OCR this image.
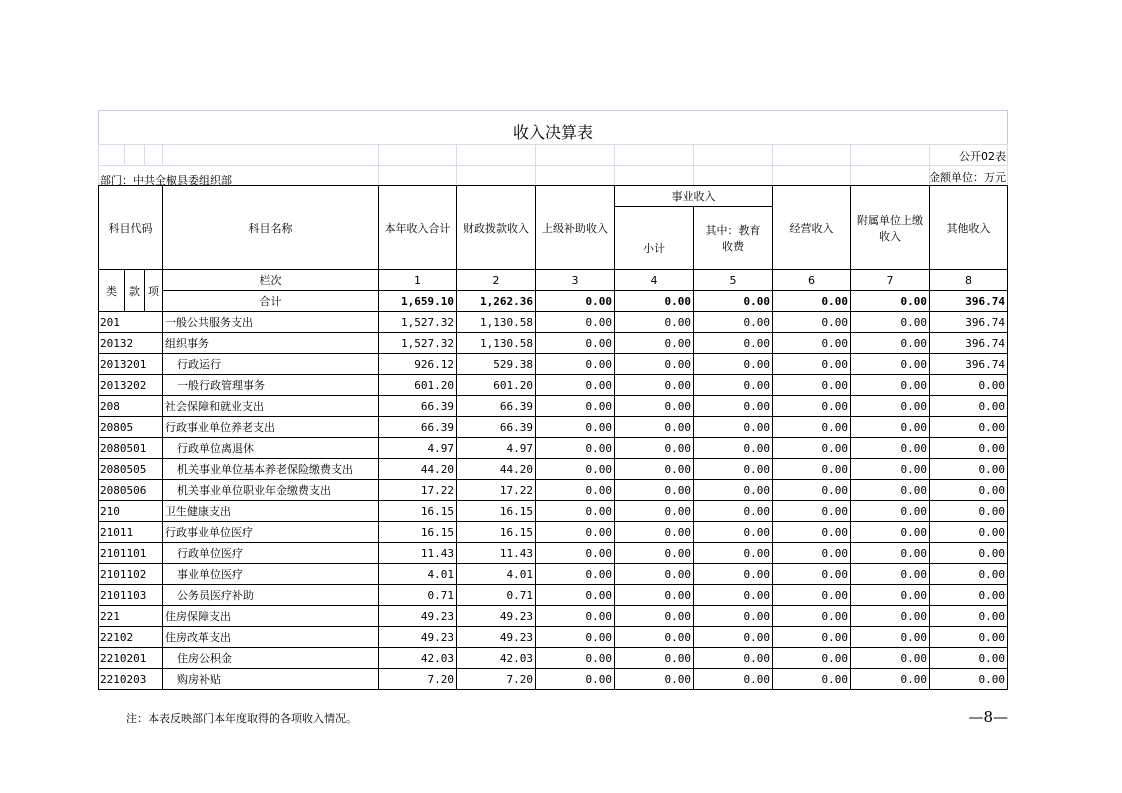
收入决算表
公开02表
部门：中共全椒县委组织部	金额单位：万元
科目代码			科目名称	本年收入合计	财政拨款收入	上级补助收入	事业收入		经营收入	附属单位上缴收入	其他收入
							小计	其中：教育收费			

类	款	项	栏次	1	2	3	4	5	6	7	8
			合计	1,659.10	1,262.36	0.00	0.00	0.00	0.00	0.00	396.74
201			一般公共服务支出	1,527.32	1,130.58	0.00	0.00	0.00	0.00	0.00	396.74
20132			组织事务	1,527.32	1,130.58	0.00	0.00	0.00	0.00	0.00	396.74
2013201			行政运行	926.12	529.38	0.00	0.00	0.00	0.00	0.00	396.74
2013202			一般行政管理事务	601.20	601.20	0.00	0.00	0.00	0.00	0.00	0.00
208			社会保障和就业支出	66.39	66.39	0.00	0.00	0.00	0.00	0.00	0.00
20805			行政事业单位养老支出	66.39	66.39	0.00	0.00	0.00	0.00	0.00	0.00
2080501			行政单位离退休	4.97	4.97	0.00	0.00	0.00	0.00	0.00	0.00
2080505			机关事业单位基本养老保险缴费支出	44.20	44.20	0.00	0.00	0.00	0.00	0.00	0.00
2080506			机关事业单位职业年金缴费支出	17.22	17.22	0.00	0.00	0.00	0.00	0.00	0.00
210			卫生健康支出	16.15	16.15	0.00	0.00	0.00	0.00	0.00	0.00
21011			行政事业单位医疗	16.15	16.15	0.00	0.00	0.00	0.00	0.00	0.00
2101101			行政单位医疗	11.43	11.43	0.00	0.00	0.00	0.00	0.00	0.00
2101102			事业单位医疗	4.01	4.01	0.00	0.00	0.00	0.00	0.00	0.00
2101103			公务员医疗补助	0.71	0.71	0.00	0.00	0.00	0.00	0.00	0.00
221			住房保障支出	49.23	49.23	0.00	0.00	0.00	0.00	0.00	0.00
22102			住房改革支出	49.23	49.23	0.00	0.00	0.00	0.00	0.00	0.00
2210201			住房公积金	42.03	42.03	0.00	0.00	0.00	0.00	0.00	0.00
2210203			购房补贴	7.20	7.20	0.00	0.00	0.00	0.00	0.00	0.00
注：本表反映部门本年度取得的各项收入情况。	—8—
